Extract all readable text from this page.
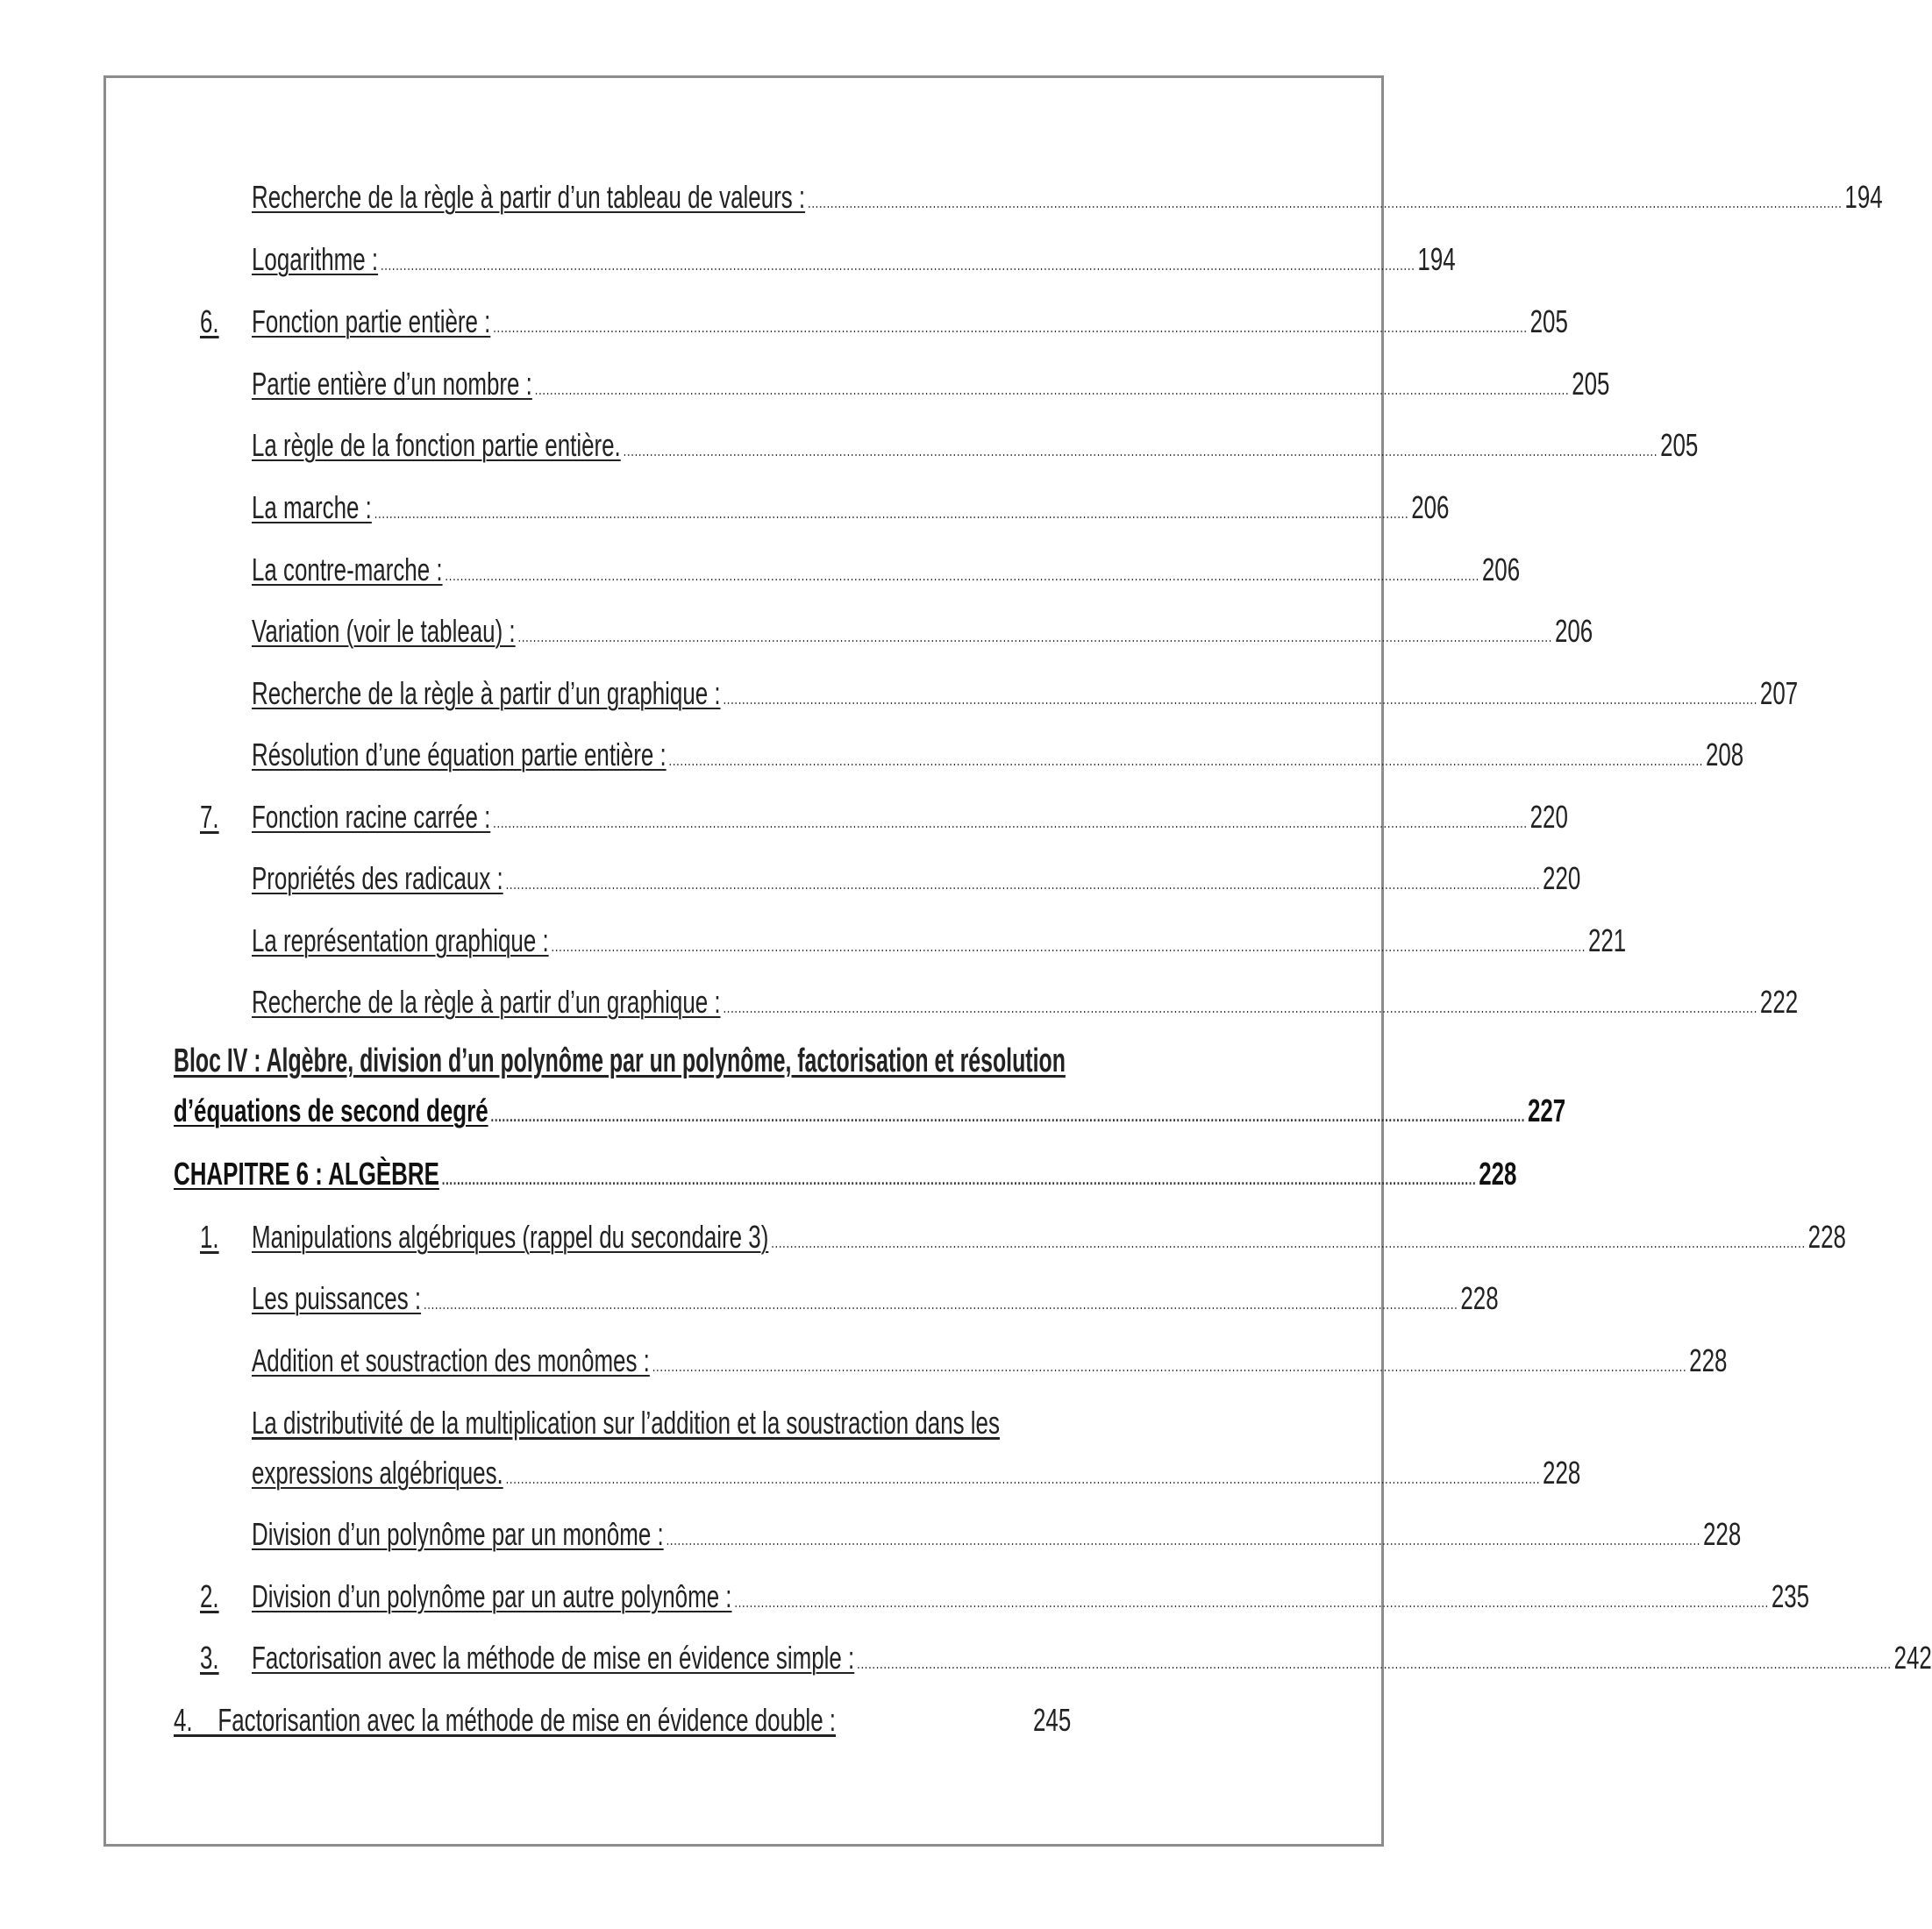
Recherche de la règle à partir d’un tableau de valeurs : ................................................................................................................................................................................................................................................................................. 194
Logarithme : ................................................................................................................................................................................................................................................................................. 194
6. Fonction partie entière : ................................................................................................................................................................................................................................................................................. 205
Partie entière d’un nombre : ................................................................................................................................................................................................................................................................................. 205
La règle de la fonction partie entière. ................................................................................................................................................................................................................................................................................. 205
La marche : ................................................................................................................................................................................................................................................................................. 206
La contre-marche : ................................................................................................................................................................................................................................................................................. 206
Variation (voir le tableau) : ................................................................................................................................................................................................................................................................................. 206
Recherche de la règle à partir d’un graphique : ................................................................................................................................................................................................................................................................................. 207
Résolution d’une équation partie entière : ................................................................................................................................................................................................................................................................................. 208
7. Fonction racine carrée : ................................................................................................................................................................................................................................................................................. 220
Propriétés des radicaux : ................................................................................................................................................................................................................................................................................. 220
La représentation graphique : ................................................................................................................................................................................................................................................................................. 221
Recherche de la règle à partir d’un graphique : ................................................................................................................................................................................................................................................................................. 222
Bloc IV : Algèbre, division d’un polynôme par un polynôme, factorisation et résolution
d’équations de second degré ................................................................................................................................................................................................................................................................................. 227
CHAPITRE 6 : ALGÈBRE ................................................................................................................................................................................................................................................................................. 228
1. Manipulations algébriques (rappel du secondaire 3) ................................................................................................................................................................................................................................................................................. 228
Les puissances : ................................................................................................................................................................................................................................................................................. 228
Addition et soustraction des monômes : ................................................................................................................................................................................................................................................................................. 228
La distributivité de la multiplication sur l’addition et la soustraction dans les
expressions algébriques. ................................................................................................................................................................................................................................................................................. 228
Division d’un polynôme par un monôme : ................................................................................................................................................................................................................................................................................. 228
2. Division d’un polynôme par un autre polynôme : ................................................................................................................................................................................................................................................................................. 235
3. Factorisation avec la méthode de mise en évidence simple : ................................................................................................................................................................................................................................................................................. 242
4.    Factorisantion avec la méthode de mise en évidence double :	245
